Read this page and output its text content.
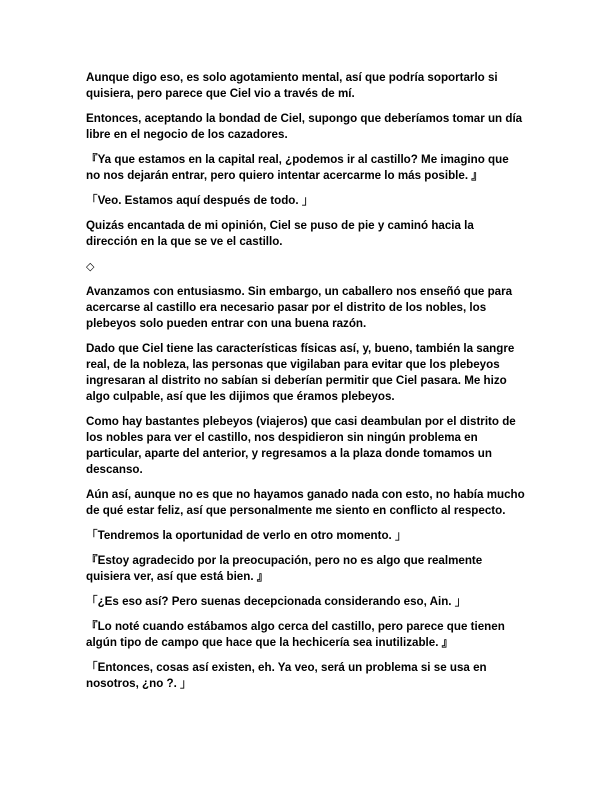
Aunque digo eso, es solo agotamiento mental, así que podría soportarlo si quisiera, pero parece que Ciel vio a través de mí.

Entonces, aceptando la bondad de Ciel, supongo que deberíamos tomar un día libre en el negocio de los cazadores.

『Ya que estamos en la capital real, ¿podemos ir al castillo? Me imagino que no nos dejarán entrar, pero quiero intentar acercarme lo más posible. 』

「Veo. Estamos aquí después de todo. 」

Quizás encantada de mi opinión, Ciel se puso de pie y caminó hacia la dirección en la que se ve el castillo.

◇

Avanzamos con entusiasmo. Sin embargo, un caballero nos enseñó que para acercarse al castillo era necesario pasar por el distrito de los nobles, los plebeyos solo pueden entrar con una buena razón.

Dado que Ciel tiene las características físicas así, y, bueno, también la sangre real, de la nobleza, las personas que vigilaban para evitar que los plebeyos ingresaran al distrito no sabían si deberían permitir que Ciel pasara. Me hizo algo culpable, así que les dijimos que éramos plebeyos.

Como hay bastantes plebeyos (viajeros) que casi deambulan por el distrito de los nobles para ver el castillo, nos despidieron sin ningún problema en particular, aparte del anterior, y regresamos a la plaza donde tomamos un descanso.

Aún así, aunque no es que no hayamos ganado nada con esto, no había mucho de qué estar feliz, así que personalmente me siento en conflicto al respecto.

「Tendremos la oportunidad de verlo en otro momento. 」

『Estoy agradecido por la preocupación, pero no es algo que realmente quisiera ver, así que está bien. 』

「¿Es eso así? Pero suenas decepcionada considerando eso, Ain. 」

『Lo noté cuando estábamos algo cerca del castillo, pero parece que tienen algún tipo de campo que hace que la hechicería sea inutilizable. 』

「Entonces, cosas así existen, eh. Ya veo, será un problema si se usa en nosotros, ¿no ?. 」
